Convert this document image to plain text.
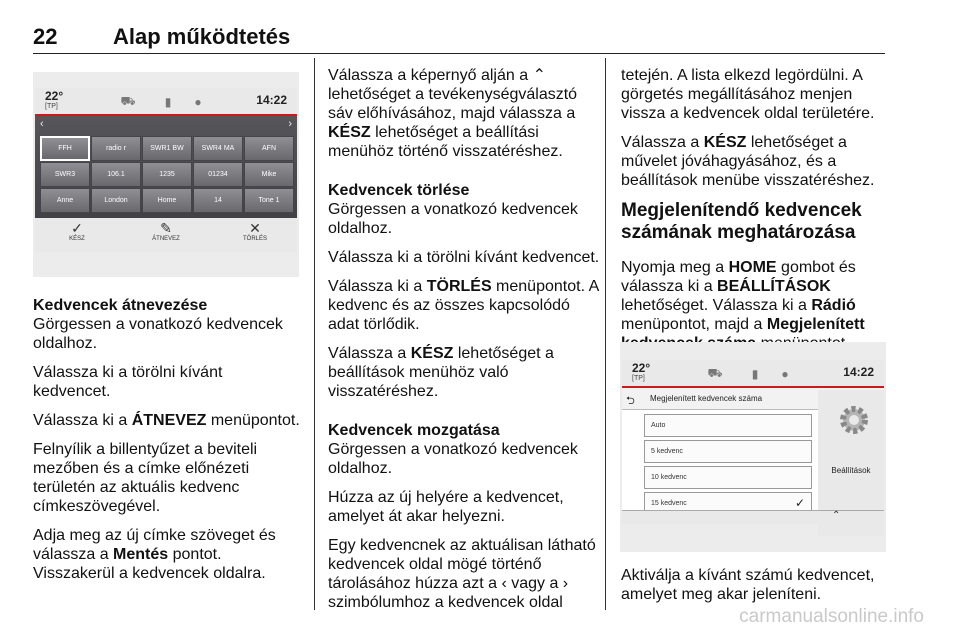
22	Alap működtetés
22°
[TP]	⛟	▮	●	14:22
‹	›
FFH	radio r	SWR1 BW	SWR4 MA	AFN
SWR3	106.1	1235	01234	Mike
Anne	London	Home	14	Tone 1
✓
KÉSZ
✎
ÁTNEVEZ
✕
TÖRLÉS
Kedvencek átnevezése

Görgessen a vonatkozó kedvencek oldalhoz.

Válassza ki a törölni kívánt kedvencet.

Válassza ki a ÁTNEVEZ menüpontot.

Felnyílik a billentyűzet a beviteli mezőben és a címke előnézeti területén az aktuális kedvenc címkeszövegével.

Adja meg az új címke szöveget és válassza a Mentés pontot.

Visszakerül a kedvencek oldalra.

Válassza a képernyő alján a ⌃ lehetőséget a tevékenységválasztó sáv előhívásához, majd válassza a KÉSZ lehetőséget a beállítási menühöz történő visszatéréshez.

Kedvencek törlése

Görgessen a vonatkozó kedvencek oldalhoz.

Válassza ki a törölni kívánt kedvencet.

Válassza ki a TÖRLÉS menüpontot. A kedvenc és az összes kapcsolódó adat törlődik.

Válassza a KÉSZ lehetőséget a beállítások menühöz való visszatéréshez.

Kedvencek mozgatása

Görgessen a vonatkozó kedvencek oldalhoz.

Húzza az új helyére a kedvencet, amelyet át akar helyezni.

Egy kedvencnek az aktuálisan látható kedvencek oldal mögé történő tárolásához húzza azt a ‹ vagy a › szimbólumhoz a kedvencek oldal

tetején. A lista elkezd legördülni. A görgetés megállításához menjen vissza a kedvencek oldal területére.

Válassza a KÉSZ lehetőséget a művelet jóváhagyásához, és a beállítások menübe visszatéréshez.

Megjelenítendő kedvencek számának meghatározása

Nyomja meg a HOME gombot és válassza ki a BEÁLLÍTÁSOK lehetőséget. Válassza ki a Rádió menüpontot, majd a Megjelenített

22°
[TP]	⛟	▮	●	14:22
⮌ Megjelenített kedvencek száma
Auto
5 kedvenc
10 kedvenc
15 kedvenc	✓
Beállítások
⌃

Aktiválja a kívánt számú kedvencet, amelyet meg akar jeleníteni.

carmanualsonline.info
